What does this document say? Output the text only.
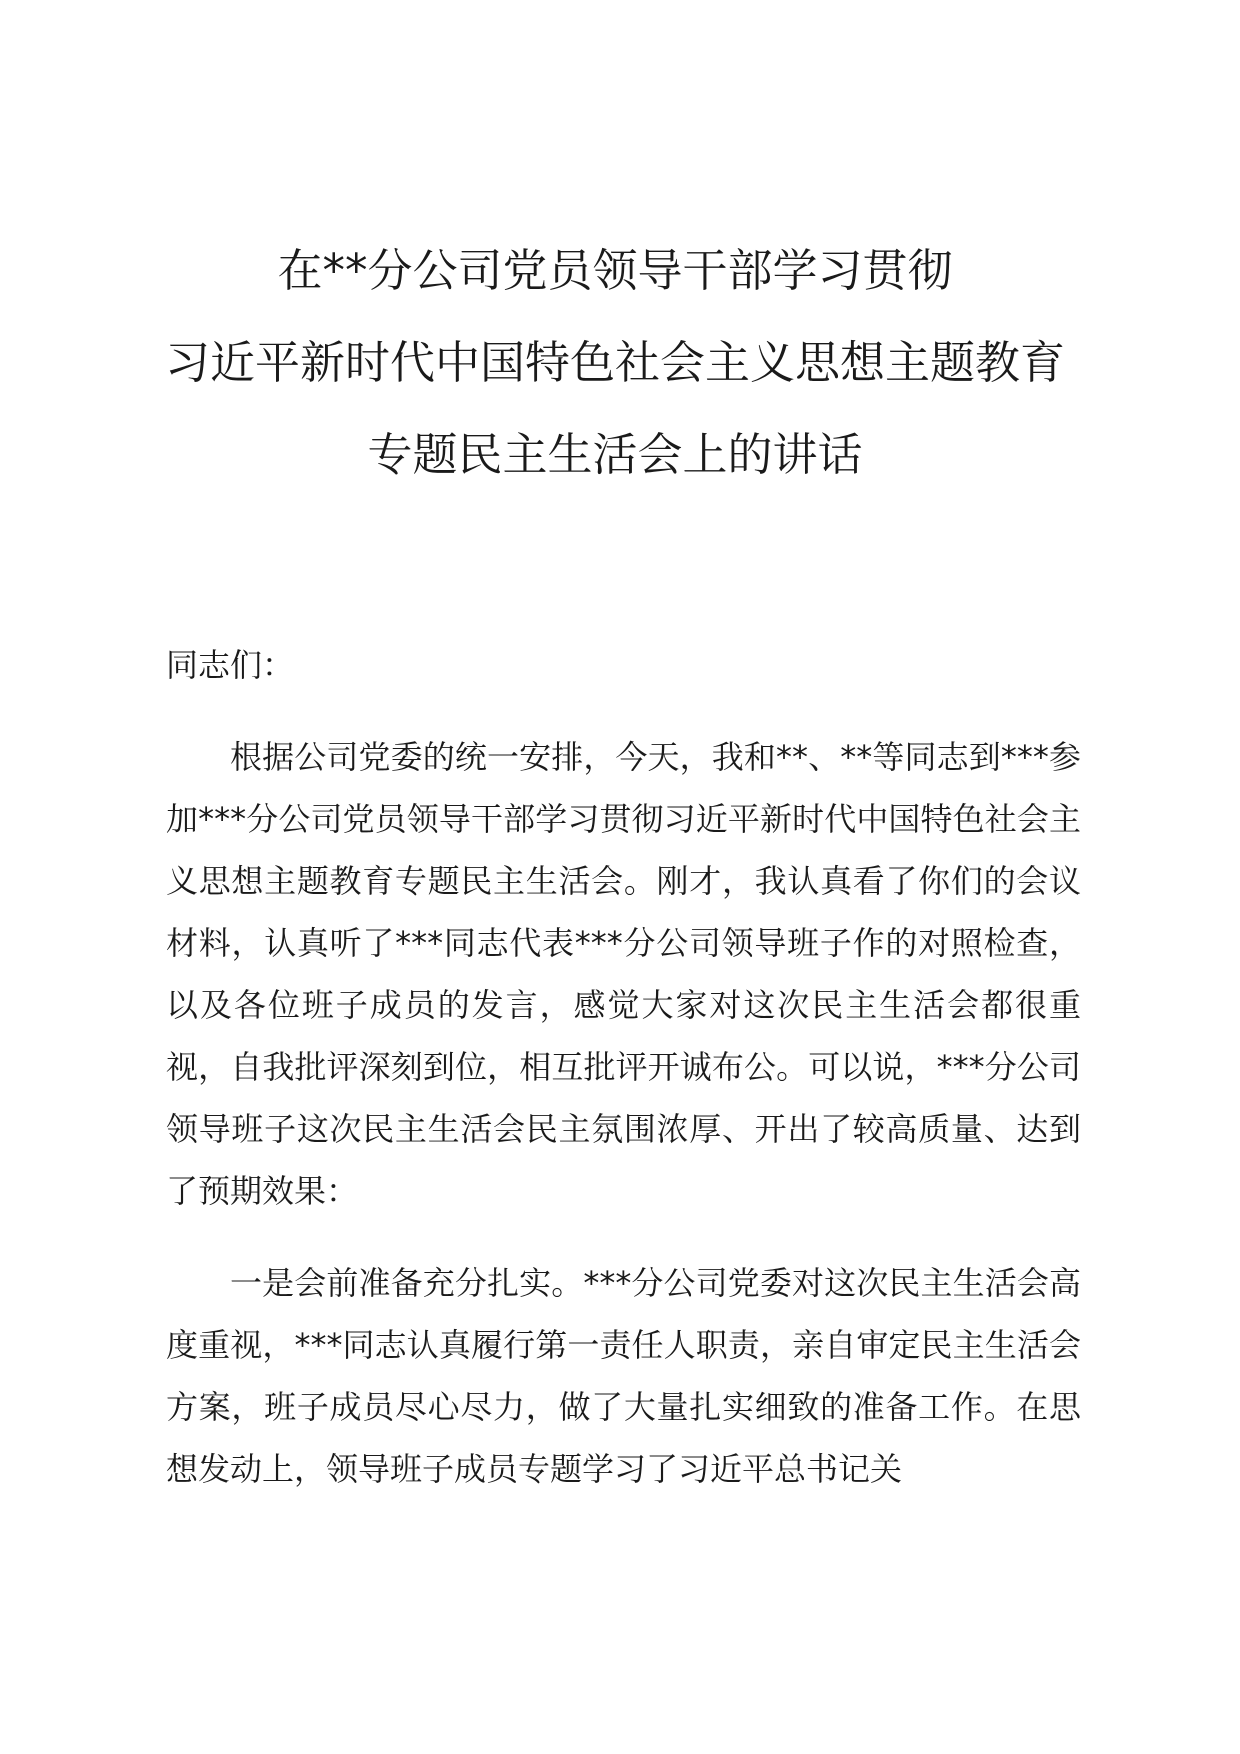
在**分公司党员领导干部学习贯彻
习近平新时代中国特色社会主义思想主题教育
专题民主生活会上的讲话

同志们：

根据公司党委的统一安排，今天，我和**、**等同志到***参加***分公司党员领导干部学习贯彻习近平新时代中国特色社会主义思想主题教育专题民主生活会。刚才，我认真看了你们的会议材料，认真听了***同志代表***分公司领导班子作的对照检查，以及各位班子成员的发言，感觉大家对这次民主生活会都很重视，自我批评深刻到位，相互批评开诚布公。可以说，***分公司领导班子这次民主生活会民主氛围浓厚、开出了较高质量、达到了预期效果：

一是会前准备充分扎实。***分公司党委对这次民主生活会高度重视，***同志认真履行第一责任人职责，亲自审定民主生活会方案，班子成员尽心尽力，做了大量扎实细致的准备工作。在思想发动上，领导班子成员专题学习了习近平总书记关
